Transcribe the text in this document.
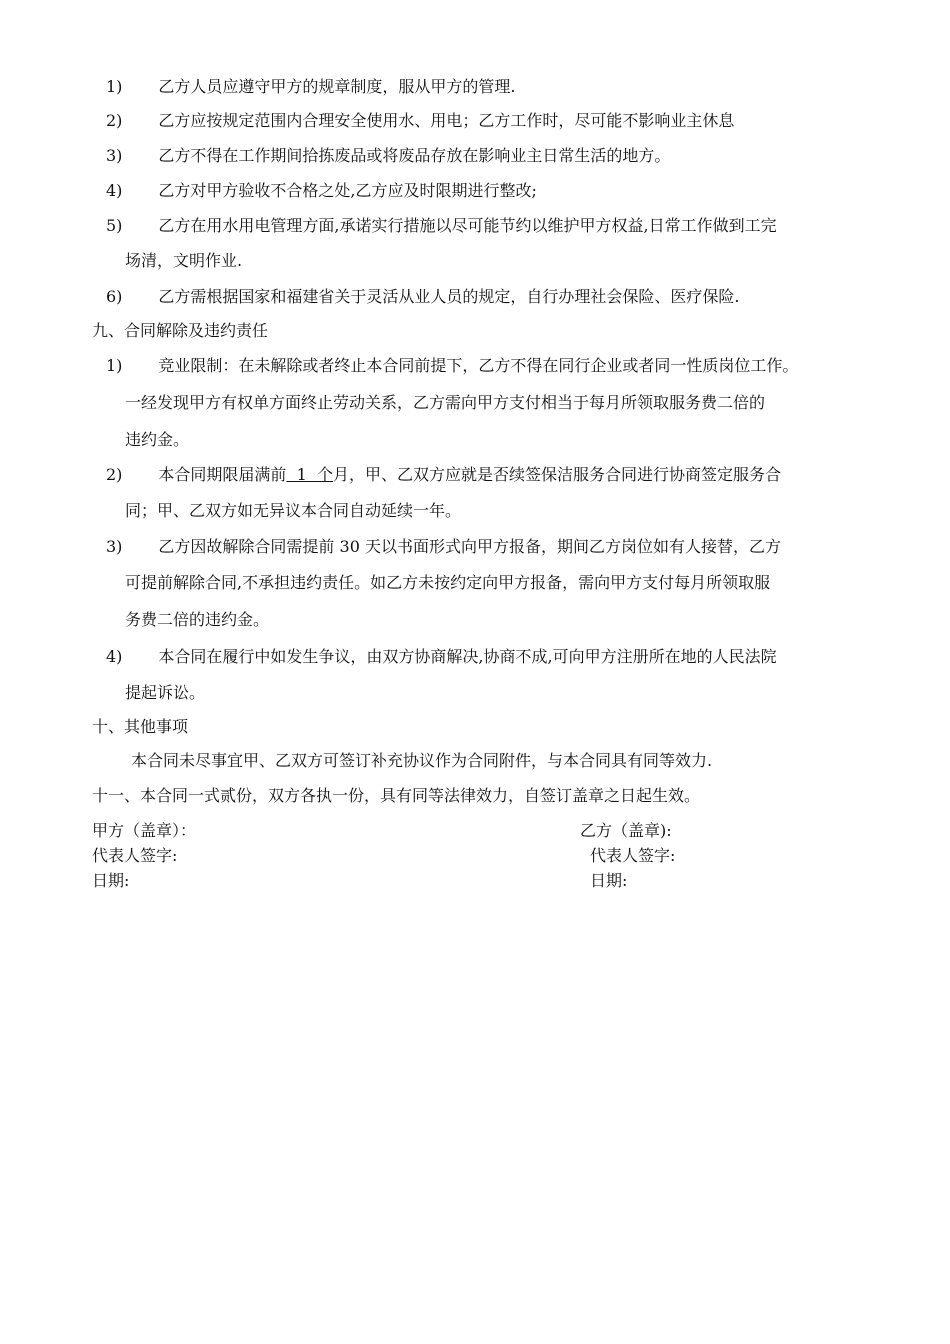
1) 乙方人员应遵守甲方的规章制度，服从甲方的管理.
2) 乙方应按规定范围内合理安全使用水、用电；乙方工作时，尽可能不影响业主休息
3) 乙方不得在工作期间拾拣废品或将废品存放在影响业主日常生活的地方。
4) 乙方对甲方验收不合格之处,乙方应及时限期进行整改;
5) 乙方在用水用电管理方面,承诺实行措施以尽可能节约以维护甲方权益,日常工作做到工完
场清，文明作业.
6) 乙方需根据国家和福建省关于灵活从业人员的规定，自行办理社会保险、医疗保险.
九、合同解除及违约责任
1) 竞业限制：在未解除或者终止本合同前提下，乙方不得在同行企业或者同一性质岗位工作。
一经发现甲方有权单方面终止劳动关系，乙方需向甲方支付相当于每月所领取服务费二倍的
违约金。
2) 本合同期限届满前  1  个月，甲、乙双方应就是否续签保洁服务合同进行协商签定服务合
同；甲、乙双方如无异议本合同自动延续一年。
3) 乙方因故解除合同需提前 30 天以书面形式向甲方报备，期间乙方岗位如有人接替，乙方
可提前解除合同,不承担违约责任。如乙方未按约定向甲方报备，需向甲方支付每月所领取服
务费二倍的违约金。
4) 本合同在履行中如发生争议，由双方协商解决,协商不成,可向甲方注册所在地的人民法院
提起诉讼。
十、其他事项
本合同未尽事宜甲、乙双方可签订补充协议作为合同附件，与本合同具有同等效力.
十一、本合同一式贰份，双方各执一份，具有同等法律效力，自签订盖章之日起生效。
甲方（盖章）：
代表人签字:
日期:
乙方（盖章):
代表人签字:
日期:
